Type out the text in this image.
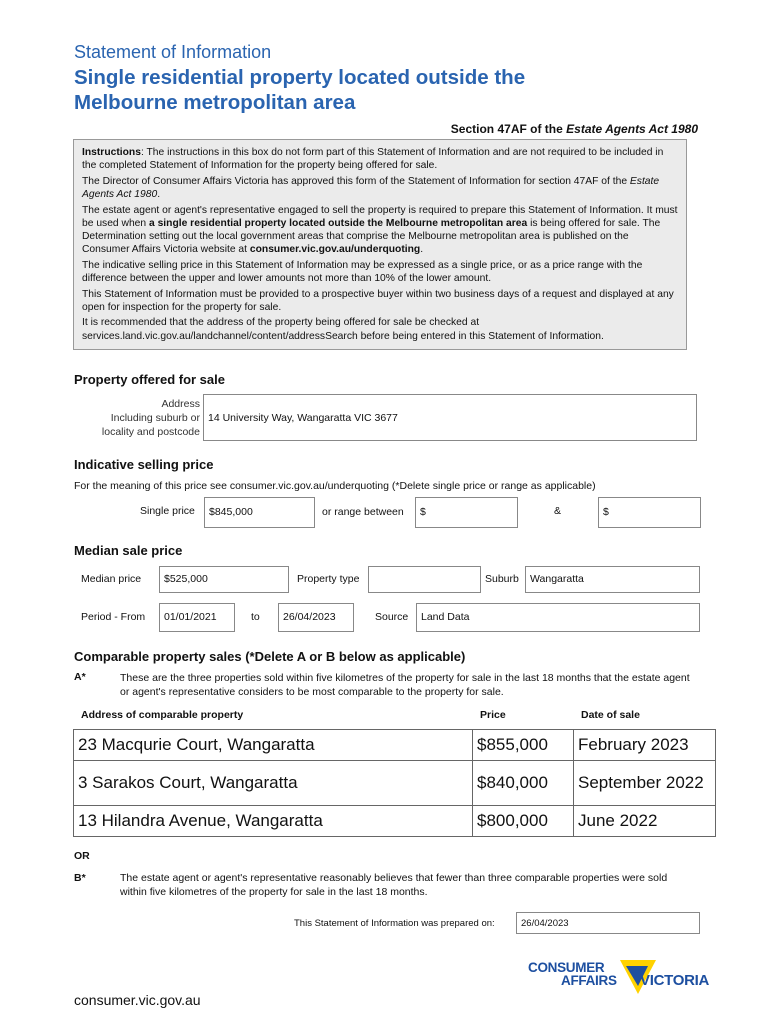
Statement of Information
Single residential property located outside the
Melbourne metropolitan area
Section 47AF of the Estate Agents Act 1980

Instructions: The instructions in this box do not form part of this Statement of Information and are not required to be included in the completed Statement of Information for the property being offered for sale.

The Director of Consumer Affairs Victoria has approved this form of the Statement of Information for section 47AF of the Estate Agents Act 1980.

The estate agent or agent's representative engaged to sell the property is required to prepare this Statement of Information. It must be used when a single residential property located outside the Melbourne metropolitan area is being offered for sale. The Determination setting out the local government areas that comprise the Melbourne metropolitan area is published on the Consumer Affairs Victoria website at consumer.vic.gov.au/underquoting.

The indicative selling price in this Statement of Information may be expressed as a single price, or as a price range with the difference between the upper and lower amounts not more than 10% of the lower amount.

This Statement of Information must be provided to a prospective buyer within two business days of a request and displayed at any open for inspection for the property for sale.

It is recommended that the address of the property being offered for sale be checked at services.land.vic.gov.au/landchannel/content/addressSearch before being entered in this Statement of Information.

Property offered for sale
Address
Including suburb or
locality and postcode
14 University Way, Wangaratta VIC 3677
Indicative selling price
For the meaning of this price see consumer.vic.gov.au/underquoting (*Delete single price or range as applicable)
Single price	$845,000	or range between	$	&	$
Median sale price
Median price	$525,000	Property type	Suburb	Wangaratta
Period - From	01/01/2021	to	26/04/2023	Source	Land Data
Comparable property sales (*Delete A or B below as applicable)
A*	These are the three properties sold within five kilometres of the property for sale in the last 18 months that the estate agent or agent's representative considers to be most comparable to the property for sale.
Address of comparable property	Price	Date of sale
23 Macqurie Court, Wangaratta	$855,000	February 2023
3 Sarakos Court, Wangaratta	$840,000	September 2022
13 Hilandra Avenue, Wangaratta	$800,000	June 2022
OR
B*	The estate agent or agent's representative reasonably believes that fewer than three comparable properties were sold within five kilometres of the property for sale in the last 18 months.
This Statement of Information was prepared on:	26/04/2023
CONSUMER
AFFAIRS VICTORIA
consumer.vic.gov.au
